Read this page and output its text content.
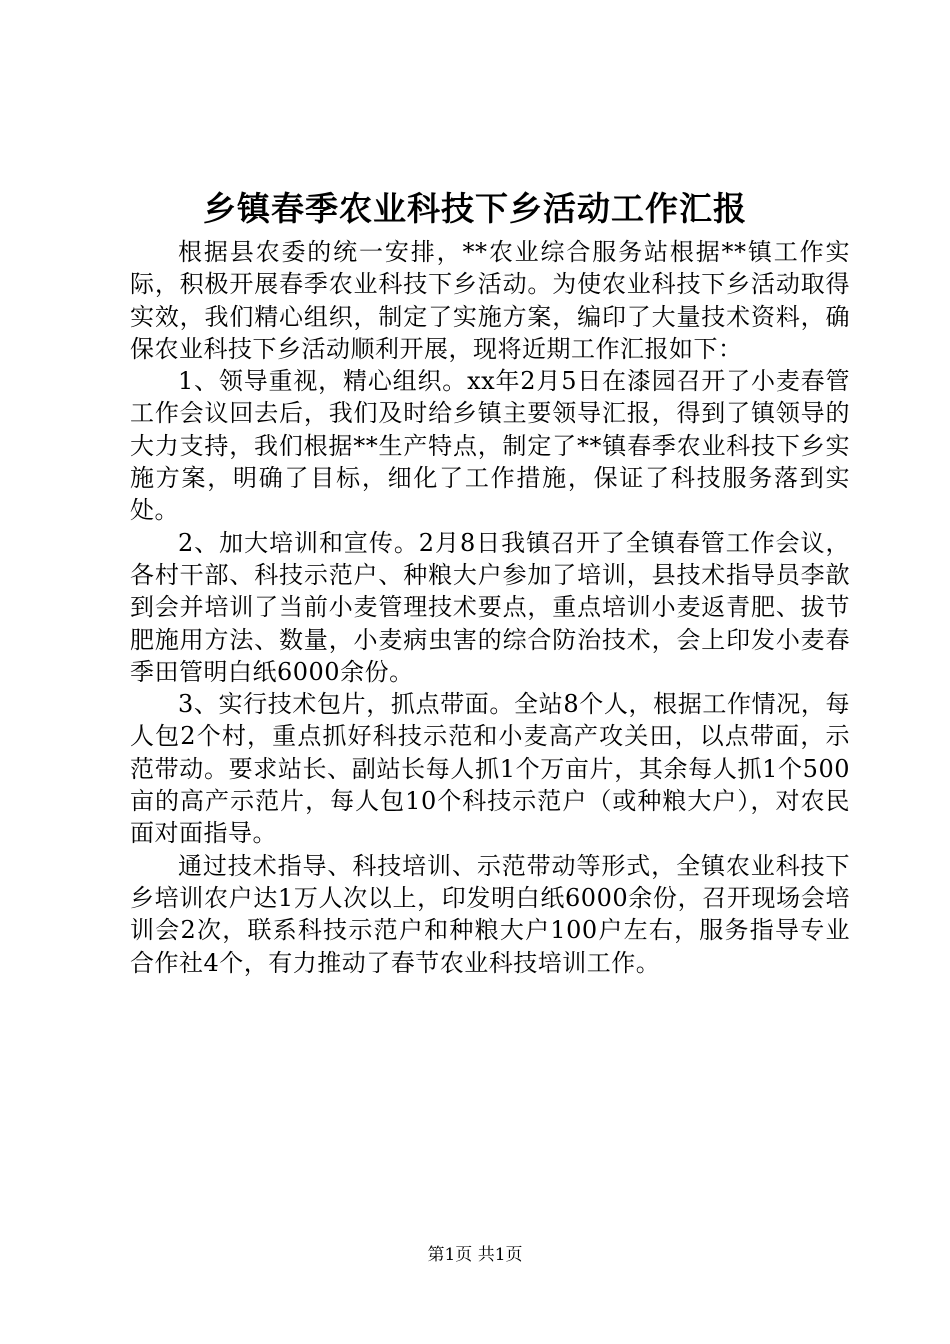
乡镇春季农业科技下乡活动工作汇报

根据县农委的统一安排，**农业综合服务站根据**镇工作实际，积极开展春季农业科技下乡活动。为使农业科技下乡活动取得实效，我们精心组织，制定了实施方案，编印了大量技术资料，确保农业科技下乡活动顺利开展，现将近期工作汇报如下：

1、领导重视，精心组织。xx年2月5日在漆园召开了小麦春管工作会议回去后，我们及时给乡镇主要领导汇报，得到了镇领导的大力支持，我们根据**生产特点，制定了**镇春季农业科技下乡实施方案，明确了目标，细化了工作措施，保证了科技服务落到实处。

2、加大培训和宣传。2月8日我镇召开了全镇春管工作会议，各村干部、科技示范户、种粮大户参加了培训，县技术指导员李歆到会并培训了当前小麦管理技术要点，重点培训小麦返青肥、拔节肥施用方法、数量，小麦病虫害的综合防治技术，会上印发小麦春季田管明白纸6000余份。

3、实行技术包片，抓点带面。全站8个人，根据工作情况，每人包2个村，重点抓好科技示范和小麦高产攻关田，以点带面，示范带动。要求站长、副站长每人抓1个万亩片，其余每人抓1个500亩的高产示范片，每人包10个科技示范户（或种粮大户），对农民面对面指导。

通过技术指导、科技培训、示范带动等形式，全镇农业科技下乡培训农户达1万人次以上，印发明白纸6000余份，召开现场会培训会2次，联系科技示范户和种粮大户100户左右，服务指导专业合作社4个，有力推动了春节农业科技培训工作。

第1页 共1页
